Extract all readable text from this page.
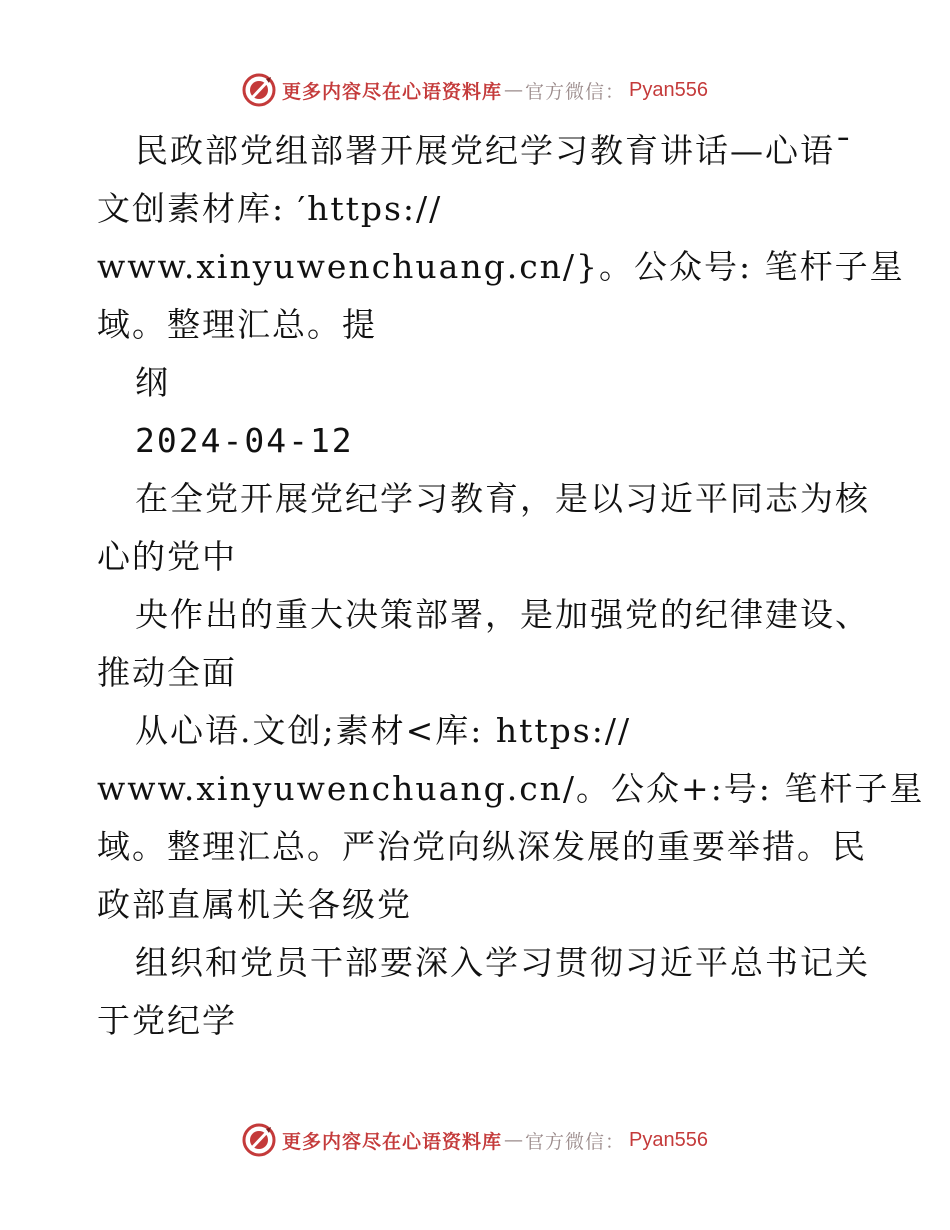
更多内容尽在心语资料库 — 官方微信： Pyan556
民政部党组部署开展党纪学习教育讲话—心语¯
文创素材库: ′https://
www.xinyuwenchuang.cn/}。公众号: 笔杆子星
域。整理汇总。提
纲
2024-04-12
在全党开展党纪学习教育，是以习近平同志为核
心的党中
央作出的重大决策部署，是加强党的纪律建设、
推动全面
从心语.文创;素材<库: https://
www.xinyuwenchuang.cn/。公众+:号: 笔杆子星
域。整理汇总。严治党向纵深发展的重要举措。民
政部直属机关各级党
组织和党员干部要深入学习贯彻习近平总书记关
于党纪学
更多内容尽在心语资料库 — 官方微信： Pyan556
